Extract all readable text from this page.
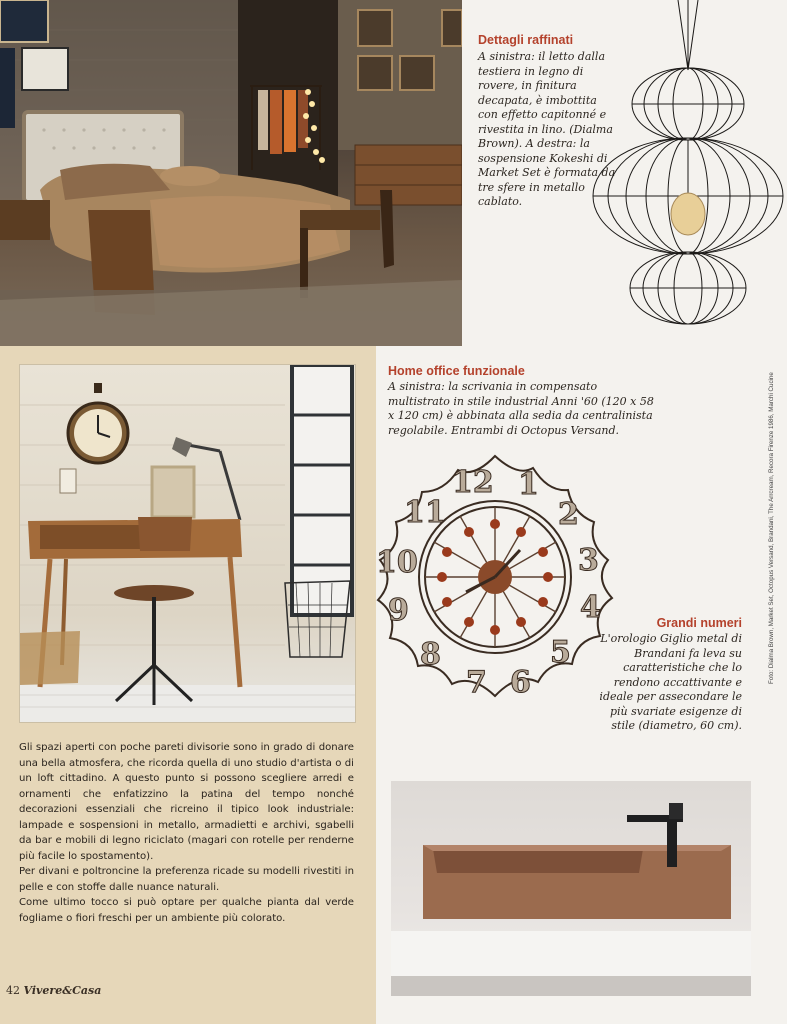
Dettagli raffinati

A sinistra: il letto dalla testiera in legno di rovere, in finitura decapata, è imbottita con effetto capitonné e rivestita in lino. (Dialma Brown). A destra: la sospensione Kokeshi di Market Set è formata da tre sfere in metallo cablato.

Foto: Dialma Brown, Market Set, Octopus Versand, Brandani, The Arrcream, Recora Firenze 1986, Marchi Cucine
Home office funzionale

A sinistra: la scrivania in compensato multistrato in stile industrial Anni '60 (120 x 58 x 120 cm) è abbinata alla sedia da centralinista regolabile. Entrambi di Octopus Versand.

1
2
3
4
5
6
7
8
9
10
11
12
Grandi numeri

L'orologio Giglio metal di Brandani fa leva su caratteristiche che lo rendono accattivante e ideale per assecondare le più svariate esigenze di stile (diametro, 60 cm).

Gli spazi aperti con poche pareti divisorie sono in grado di donare una bella atmosfera, che ricorda quella di uno studio d'artista o di un loft cittadino. A questo punto si possono scegliere arredi e ornamenti che enfatizzino la patina del tempo nonché decorazioni essenziali che ricreino il tipico look industriale: lampade e sospensioni in metallo, armadietti e archivi, sgabelli da bar e mobili di legno riciclato (magari con rotelle per renderne più facile lo spostamento).

Per divani e poltroncine la preferenza ricade su modelli rivestiti in pelle e con stoffe dalle nuance naturali.

Come ultimo tocco si può optare per qualche pianta dal verde fogliame o fiori freschi per un ambiente più colorato.

42 Vivere&Casa
